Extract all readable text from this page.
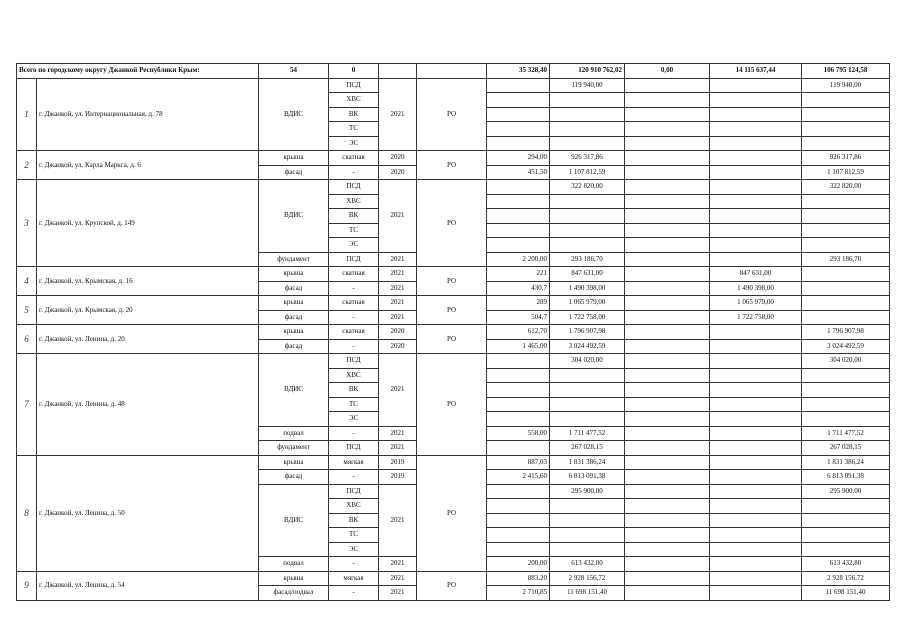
Всего по городскому округу Джанкой Республики Крым:		54	0			35 328,40	120 910 762,02	0,00	14 115 637,44	106 795 124,58
1	г. Джанкой, ул. Интернациональная, д. 78	ВДИС	ПСД	2021	РО		119 940,00			119 940,00
			ХВС							
			ВК							
			ТС							
			ЭС							
2	г. Джанкой, ул. Карла Маркса, д. 6	крыша	скатная	2020	РО	294,00	926 317,86			926 317,86
		фасад	-	2020		451,50	1 107 812,59			1 107 812,59
3	г. Джанкой, ул. Крупской, д. 149	ВДИС	ПСД	2021	РО		322 820,00			322 820,00
			ХВС							
			ВК							
			ТС							
			ЭС							
		фундамент	ПСД	2021		2 200,00	293 186,70			293 186,70
4	г. Джанкой, ул. Крымская, д. 16	крыша	скатная	2021	РО	221	847 631,00		847 631,00	
		фасад	-	2021		430,7	1 490 398,00		1 490 398,00	
5	г. Джанкой, ул. Крымская, д. 20	крыша	скатная	2021	РО	289	1 065 979,00		1 065 979,00	
		фасад	-	2021		504,7	1 722 758,00		1 722 758,00	
6	г. Джанкой, ул. Ленина, д. 20	крыша	скатная	2020	РО	612,70	1 796 907,98			1 796 907,98
		фасад	-	2020		1 465,00	3 024 492,59			3 024 492,59
7	г. Джанкой, ул. Ленина, д. 48	ВДИС	ПСД	2021	РО		304 020,00			304 020,00
			ХВС							
			ВК							
			ТС							
			ЭС							
		подвал	-	2021		558,00	1 711 477,52			1 711 477,52
		фундамент	ПСД	2021			267 028,15			267 028,15
8	г. Джанкой, ул. Ленина, д. 50	крыша	мягкая	2019	РО	887,03	1 831 386,24			1 831 386,24
		фасад	-	2019		2 415,60	6 813 091,38			6 813 091,38
		ВДИС	ПСД	2021			295 900,00			295 900,00
			ХВС							
			ВК							
			ТС							
			ЭС							
		подвал	-	2021		200,00	613 432,80			613 432,80
9	г. Джанкой, ул. Ленина, д. 54	крыша	мягкая	2021	РО	883,20	2 928 156,72			2 928 156,72
		фасад/подвал	-	2021		2 710,85	11 698 151,40			11 698 151,40
